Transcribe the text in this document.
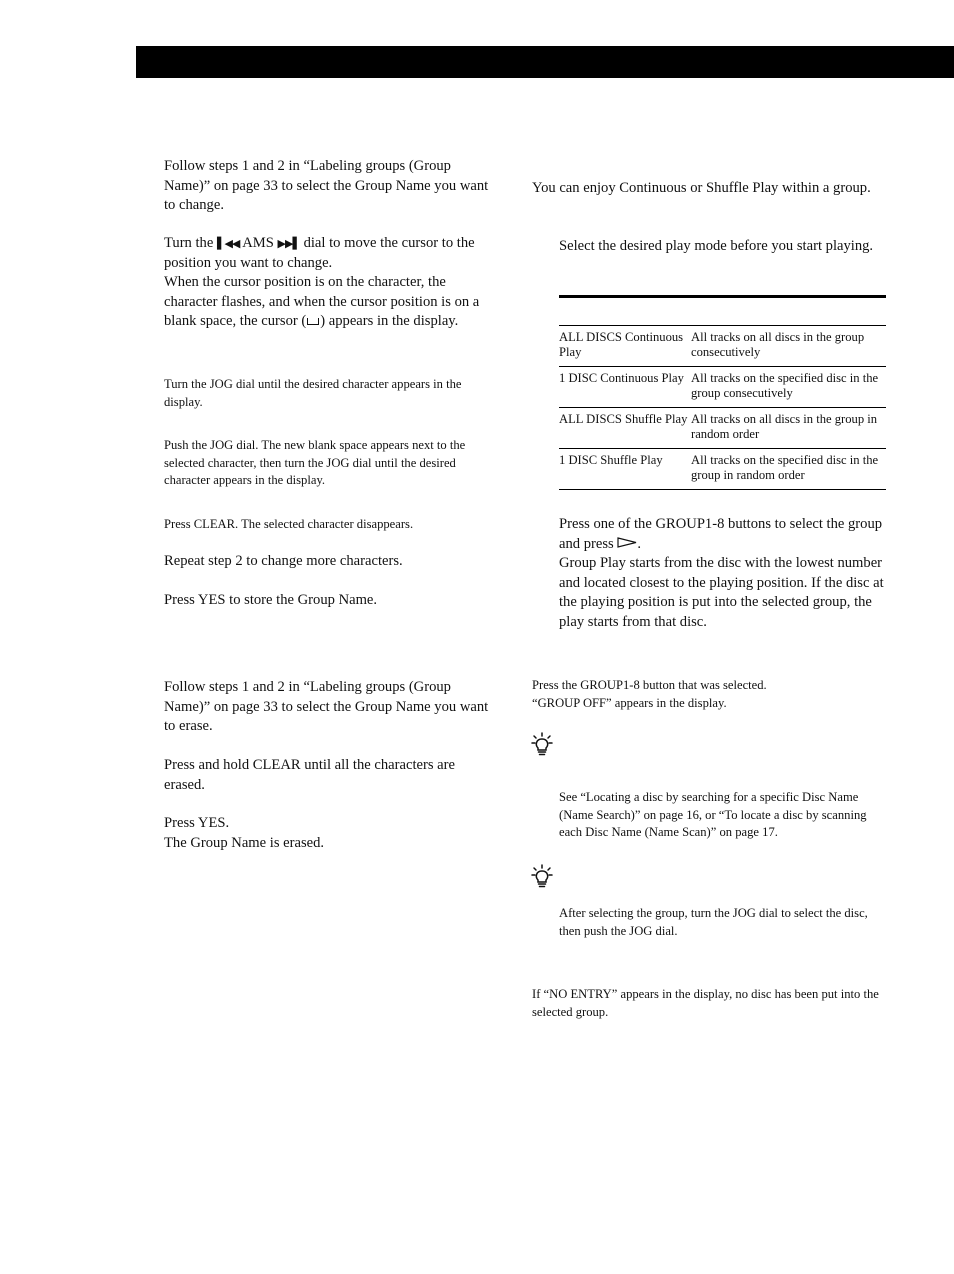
Follow steps 1 and 2 in “Labeling groups (Group Name)” on page 33 to select the Group Name you want to change.

Turn the ▌◀◀ AMS ▶▶▌ dial to move the cursor to the position you want to change.
When the cursor position is on the character, the character flashes, and when the cursor position is on a blank space, the cursor ( ) appears in the display.

Turn the JOG dial until the desired character appears in the display.

Push the JOG dial. The new blank space appears next to the selected character, then turn the JOG dial until the desired character appears in the display.

Press CLEAR. The selected character disappears.

Repeat step 2 to change more characters.

Press YES to store the Group Name.

Follow steps 1 and 2 in “Labeling groups (Group Name)” on page 33 to select the Group Name you want to erase.

Press and hold CLEAR until all the characters are erased.

Press YES.
The Group Name is erased.

You can enjoy Continuous or Shuffle Play within a group.

Select the desired play mode before you start playing.

ALL DISCS Continuous Play	All tracks on all discs in the group consecutively
1 DISC Continuous Play	All tracks on the specified disc in the group consecutively
ALL DISCS Shuffle Play	All tracks on all discs in the group in random order
1 DISC Shuffle Play	All tracks on the specified disc in the group in random order

Press one of the GROUP1-8 buttons to select the group and press .
Group Play starts from the disc with the lowest number and located closest to the playing position. If the disc at the playing position is put into the selected group, the play starts from that disc.

Press the GROUP1-8 button that was selected.
“GROUP OFF” appears in the display.

See “Locating a disc by searching for a specific Disc Name (Name Search)” on page 16, or “To locate a disc by scanning each Disc Name (Name Scan)” on page 17.

After selecting the group, turn the JOG dial to select the disc, then push the JOG dial.

If “NO ENTRY” appears in the display, no disc has been put into the selected group.
